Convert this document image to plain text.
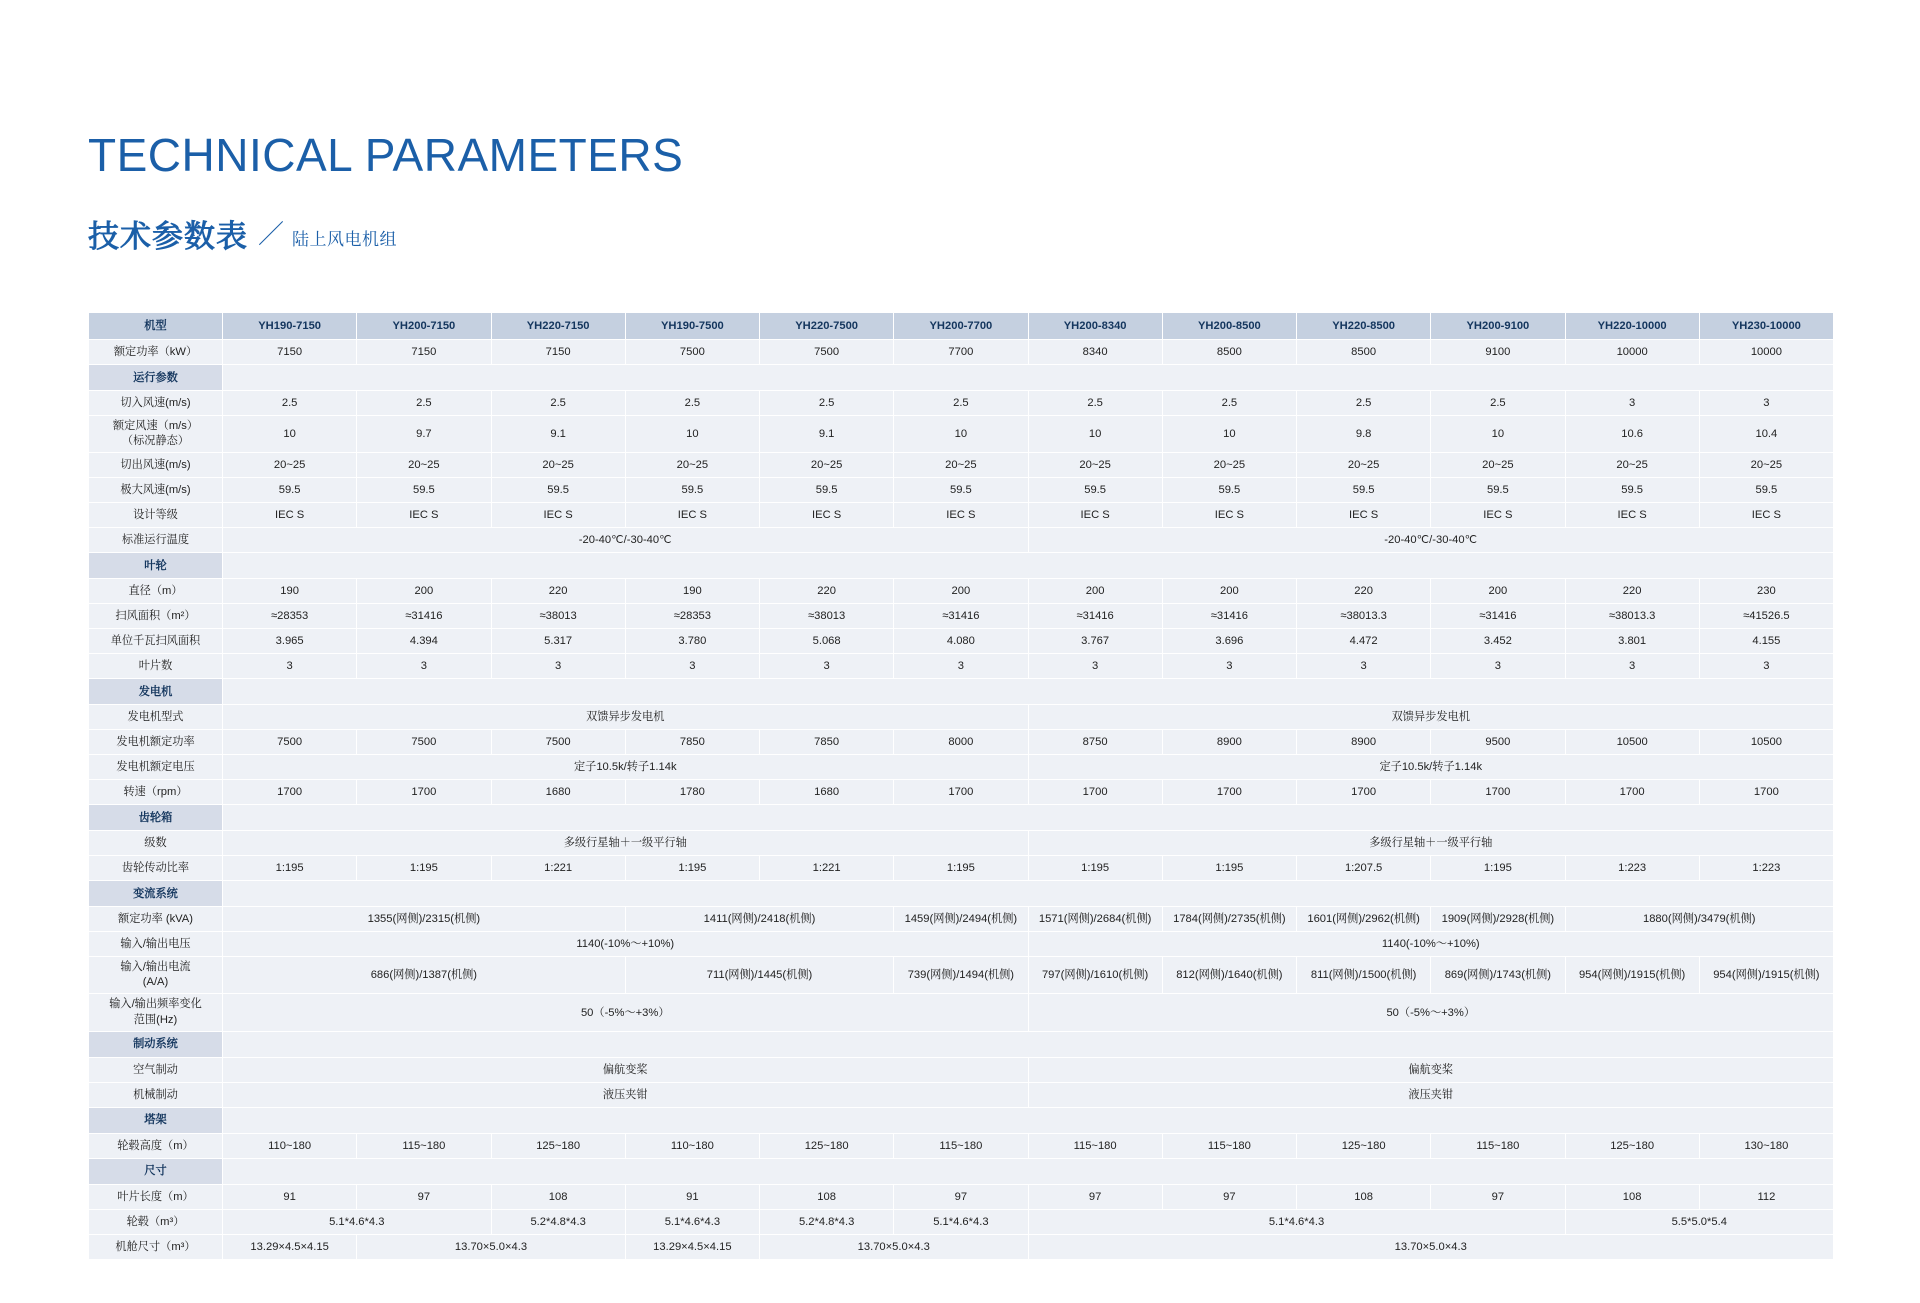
TECHNICAL PARAMETERS
技术参数表 ／ 陆上风电机组
机型	YH190-7150	YH200-7150	YH220-7150	YH190-7500	YH220-7500	YH200-7700	YH200-8340	YH200-8500	YH220-8500	YH200-9100	YH220-10000	YH230-10000
额定功率（kW）	7150	7150	7150	7500	7500	7700	8340	8500	8500	9100	10000	10000
运行参数												
切入风速(m/s)	2.5	2.5	2.5	2.5	2.5	2.5	2.5	2.5	2.5	2.5	3	3

额定风速（m/s）
（标况静态）	10	9.7	9.1	10	9.1	10	10	10	9.8	10	10.6	10.4
切出风速(m/s)	20~25	20~25	20~25	20~25	20~25	20~25	20~25	20~25	20~25	20~25	20~25	20~25
极大风速(m/s)	59.5	59.5	59.5	59.5	59.5	59.5	59.5	59.5	59.5	59.5	59.5	59.5
设计等级	IEC S	IEC S	IEC S	IEC S	IEC S	IEC S	IEC S	IEC S	IEC S	IEC S	IEC S	IEC S
标准运行温度	-20-40℃/-30-40℃						-20-40℃/-30-40℃					
叶轮												
直径（m）	190	200	220	190	220	200	200	200	220	200	220	230
扫风面积（m²）	≈28353	≈31416	≈38013	≈28353	≈38013	≈31416	≈31416	≈31416	≈38013.3	≈31416	≈38013.3	≈41526.5
单位千瓦扫风面积	3.965	4.394	5.317	3.780	5.068	4.080	3.767	3.696	4.472	3.452	3.801	4.155
叶片数	3	3	3	3	3	3	3	3	3	3	3	3
发电机												
发电机型式	双馈异步发电机						双馈异步发电机					
发电机额定功率	7500	7500	7500	7850	7850	8000	8750	8900	8900	9500	10500	10500
发电机额定电压	定子10.5k/转子1.14k						定子10.5k/转子1.14k					
转速（rpm）	1700	1700	1680	1780	1680	1700	1700	1700	1700	1700	1700	1700
齿轮箱												
级数	多级行星轴＋一级平行轴						多级行星轴＋一级平行轴					
齿轮传动比率	1:195	1:195	1:221	1:195	1:221	1:195	1:195	1:195	1:207.5	1:195	1:223	1:223
变流系统												
额定功率 (kVA)	1355(网侧)/2315(机侧)			1411(网侧)/2418(机侧)		1459(网侧)/2494(机侧)	1571(网侧)/2684(机侧)	1784(网侧)/2735(机侧)	1601(网侧)/2962(机侧)	1909(网侧)/2928(机侧)	1880(网侧)/3479(机侧)	
输入/输出电压	1140(-10%～+10%)						1140(-10%～+10%)					

输入/输出电流
(A/A)	686(网侧)/1387(机侧)			711(网侧)/1445(机侧)		739(网侧)/1494(机侧)	797(网侧)/1610(机侧)	812(网侧)/1640(机侧)	811(网侧)/1500(机侧)	869(网侧)/1743(机侧)	954(网侧)/1915(机侧)	954(网侧)/1915(机侧)

输入/输出频率变化
范围(Hz)	50（-5%～+3%）						50（-5%～+3%）					
制动系统												
空气制动	偏航变桨						偏航变桨					
机械制动	液压夹钳						液压夹钳					
塔架												
轮毂高度（m）	110~180	115~180	125~180	110~180	125~180	115~180	115~180	115~180	125~180	115~180	125~180	130~180
尺寸												
叶片长度（m）	91	97	108	91	108	97	97	97	108	97	108	112
轮毂（m³）	5.1*4.6*4.3		5.2*4.8*4.3	5.1*4.6*4.3	5.2*4.8*4.3	5.1*4.6*4.3	5.1*4.6*4.3				5.5*5.0*5.4	
机舱尺寸（m³）	13.29×4.5×4.15	13.70×5.0×4.3		13.29×4.5×4.15	13.70×5.0×4.3		13.70×5.0×4.3					
